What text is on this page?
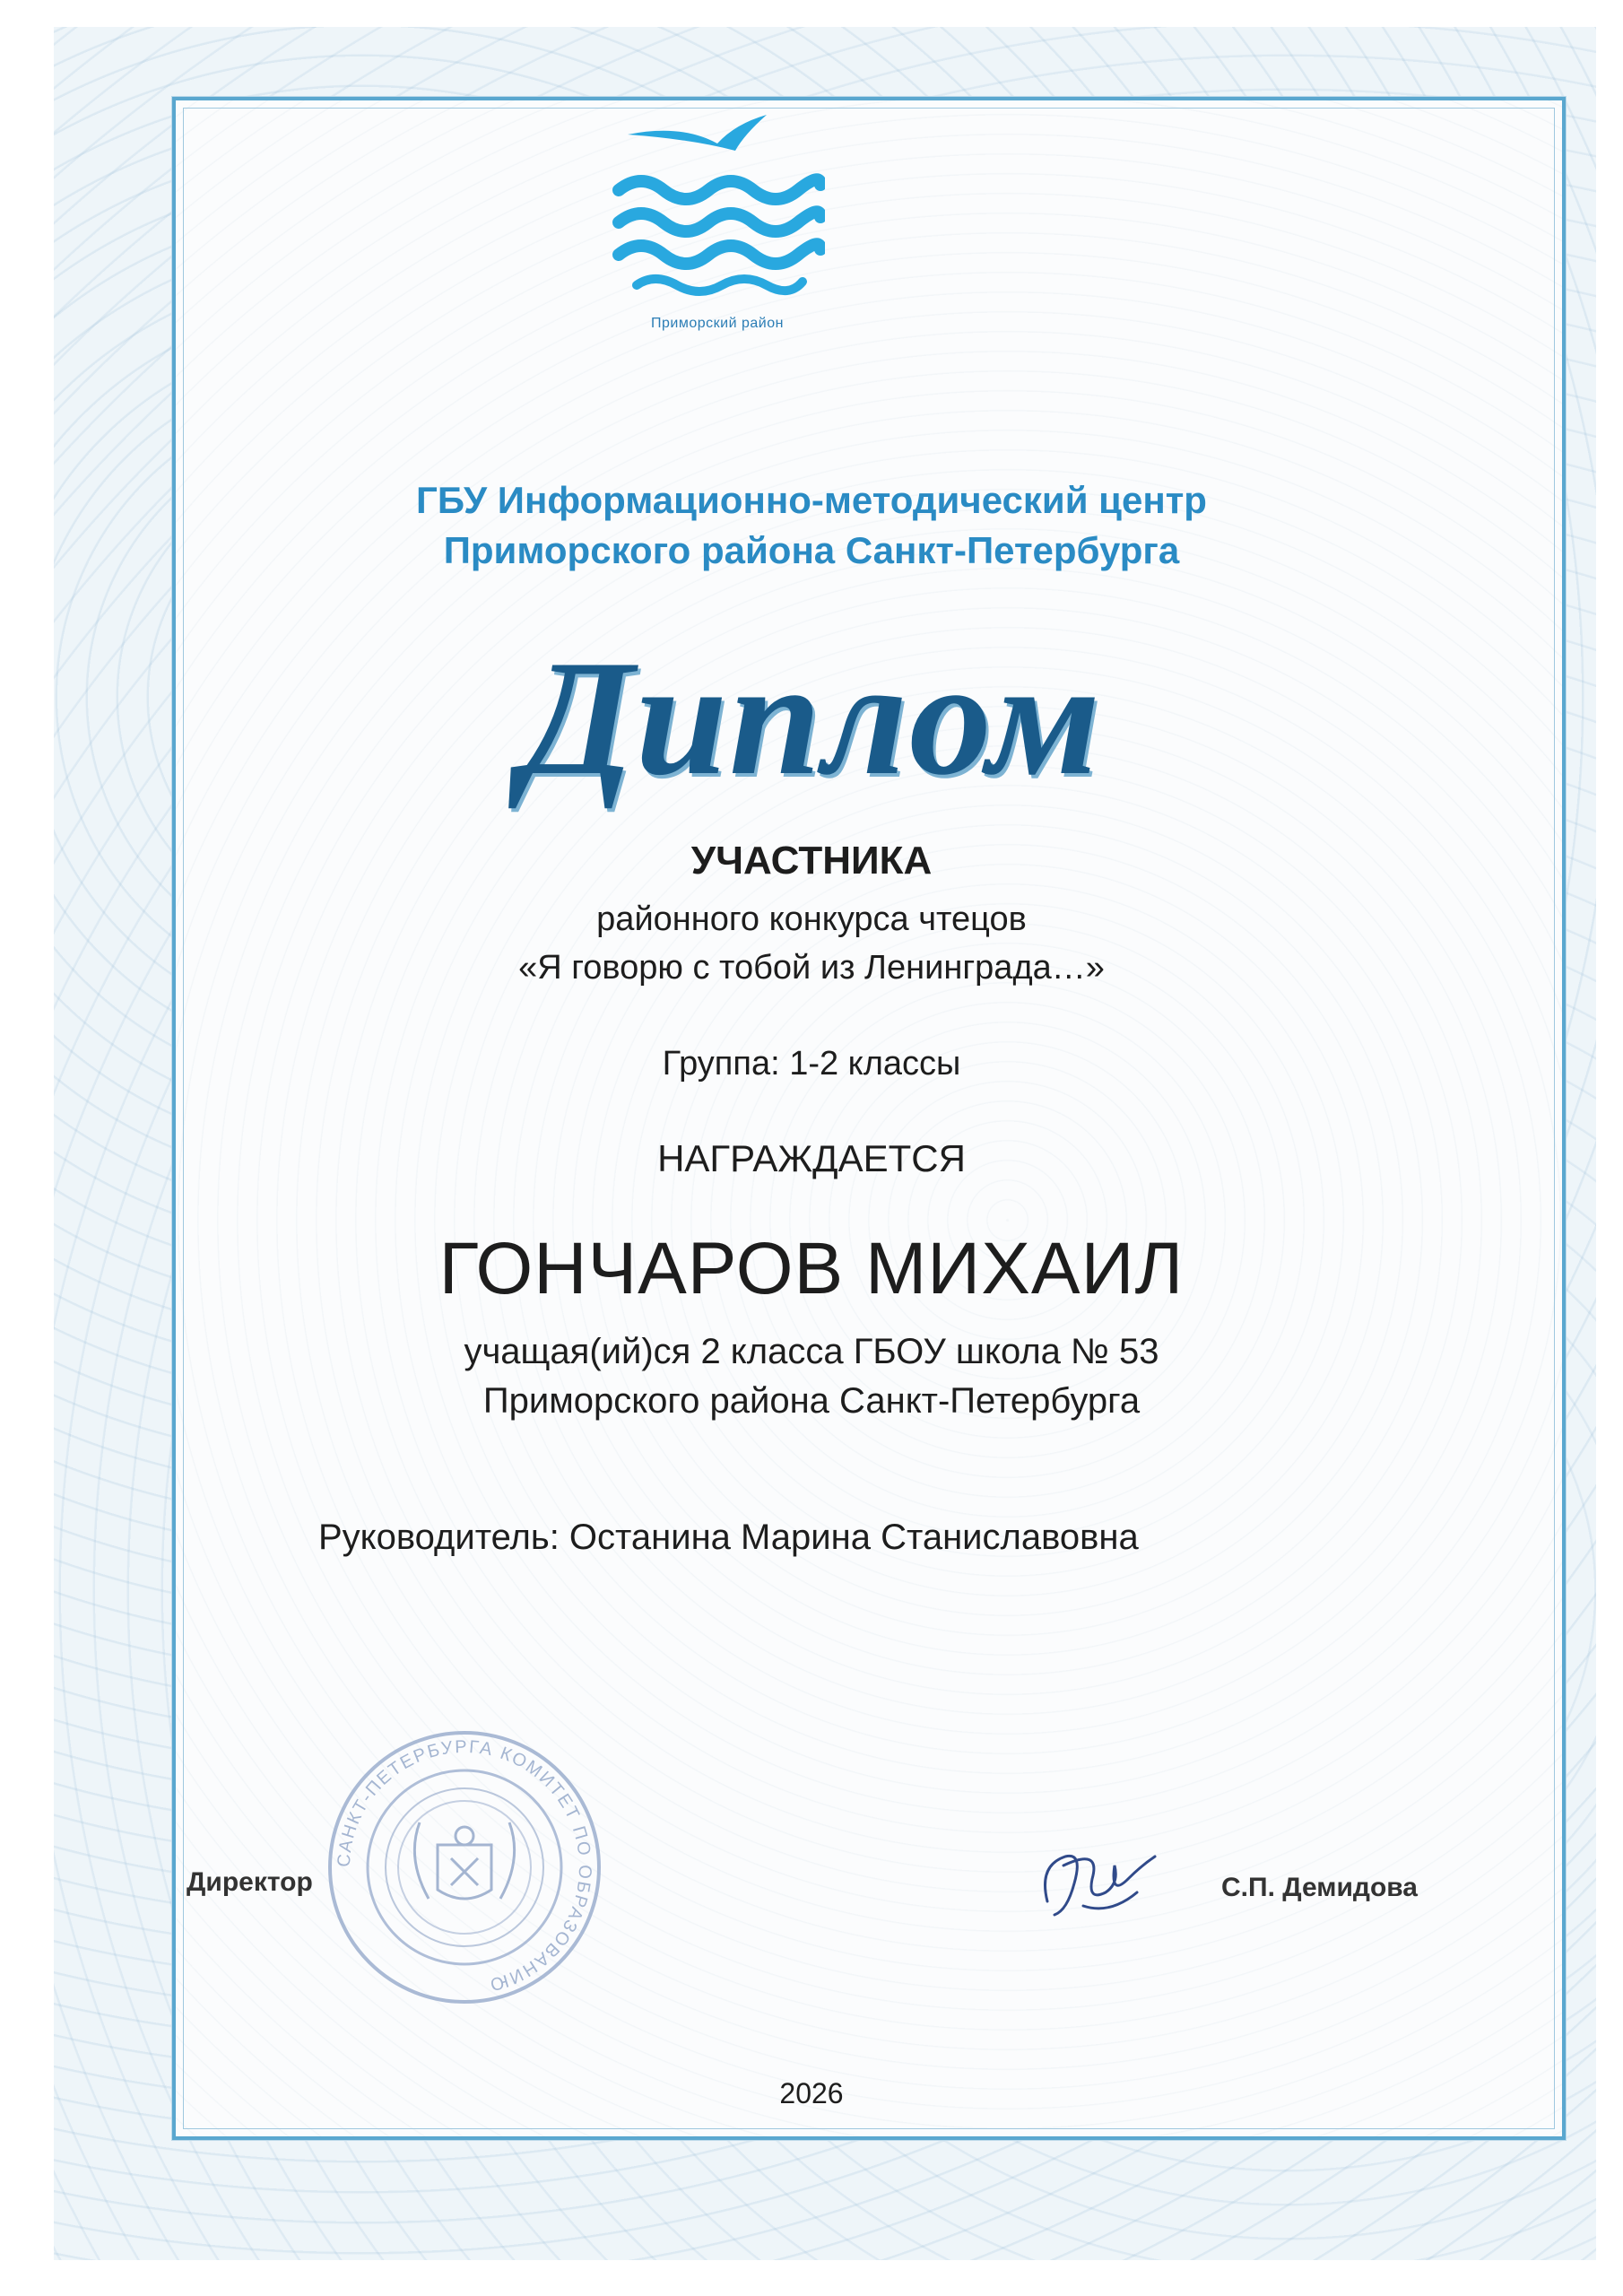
Приморский район
ГБУ Информационно-методический центр
Приморского района Санкт-Петербурга
Диплом
УЧАСТНИКА
районного конкурса чтецов
«Я говорю с тобой из Ленинграда…»
Группа: 1-2 классы
НАГРАЖДАЕТСЯ
ГОНЧАРОВ МИХАИЛ
учащая(ий)ся 2 класса ГБОУ школа № 53
Приморского района Санкт-Петербурга
Руководитель: Останина Марина Станиславовна
САНКТ-ПЕТЕРБУРГА КОМИТЕТ ПО ОБРАЗОВАНИЮ
Директор	С.П. Демидова
2026
